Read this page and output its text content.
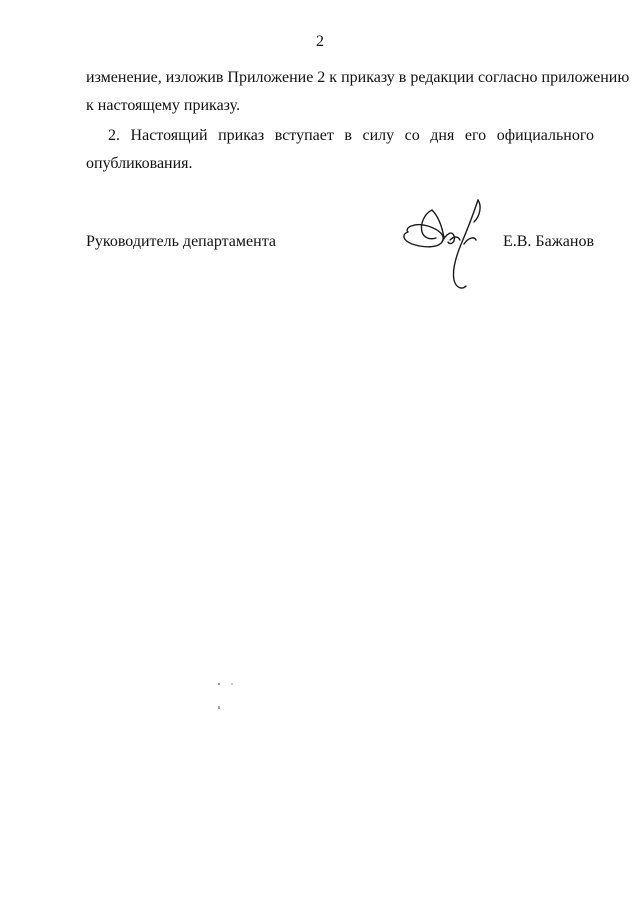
2
изменение, изложив Приложение 2 к приказу в редакции согласно приложению
к настоящему приказу.
2. Настоящий приказ вступает в силу со дня его официального
опубликования.
Руководитель департамента	Е.В. Бажанов
